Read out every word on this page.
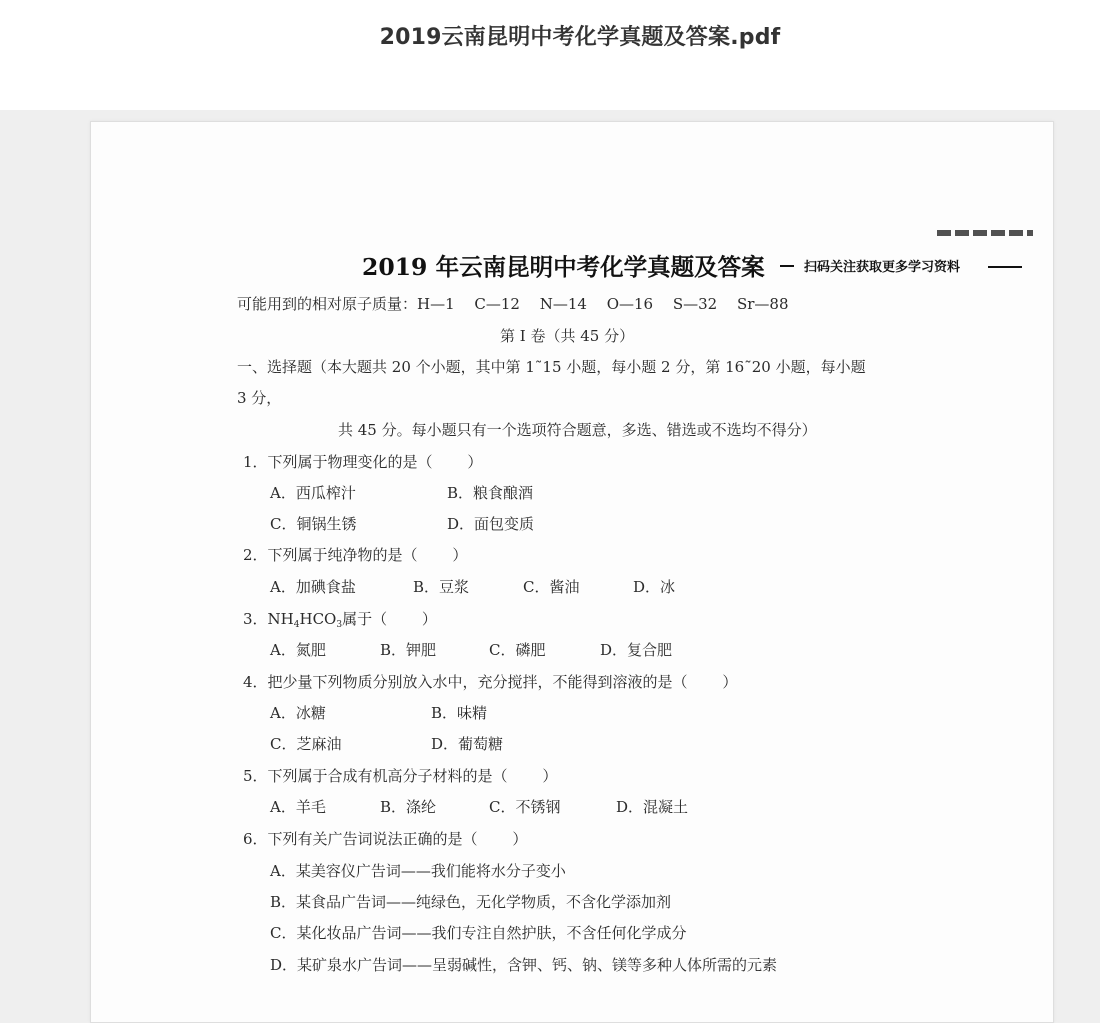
2019云南昆明中考化学真题及答案.pdf
2019 年云南昆明中考化学真题及答案	扫码关注获取更多学习资料
可能用到的相对原子质量：H—1　 C—12　 N—14　 O—16　 S—32　 Sr—88
第 I 卷（共 45 分）
一、选择题（本大题共 20 个小题，其中第 1˜15 小题，每小题 2 分，第 16˜20 小题，每小题
3 分，
共 45 分。每小题只有一个选项符合题意，多选、错选或不选均不得分）
1．下列属于物理变化的是（　　 ）
A．西瓜榨汁	B．粮食酿酒
C．铜锅生锈	D．面包变质
2．下列属于纯净物的是（　　 ）
A．加碘食盐	B．豆浆	C．酱油	D．冰
3．$NH_4HCO_3$属于（　　 ）
A．氮肥	B．钾肥	C．磷肥	D．复合肥
4．把少量下列物质分别放入水中，充分搅拌，不能得到溶液的是（　　 ）
A．冰糖	B．味精
C．芝麻油	D．葡萄糖
5．下列属于合成有机高分子材料的是（　　 ）
A．羊毛	B．涤纶	C．不锈钢	D．混凝土
6．下列有关广告词说法正确的是（　　 ）
A．某美容仪广告词——我们能将水分子变小
B．某食品广告词——纯绿色，无化学物质，不含化学添加剂
C．某化妆品广告词——我们专注自然护肤，不含任何化学成分
D．某矿泉水广告词——呈弱碱性，含钾、钙、钠、镁等多种人体所需的元素
